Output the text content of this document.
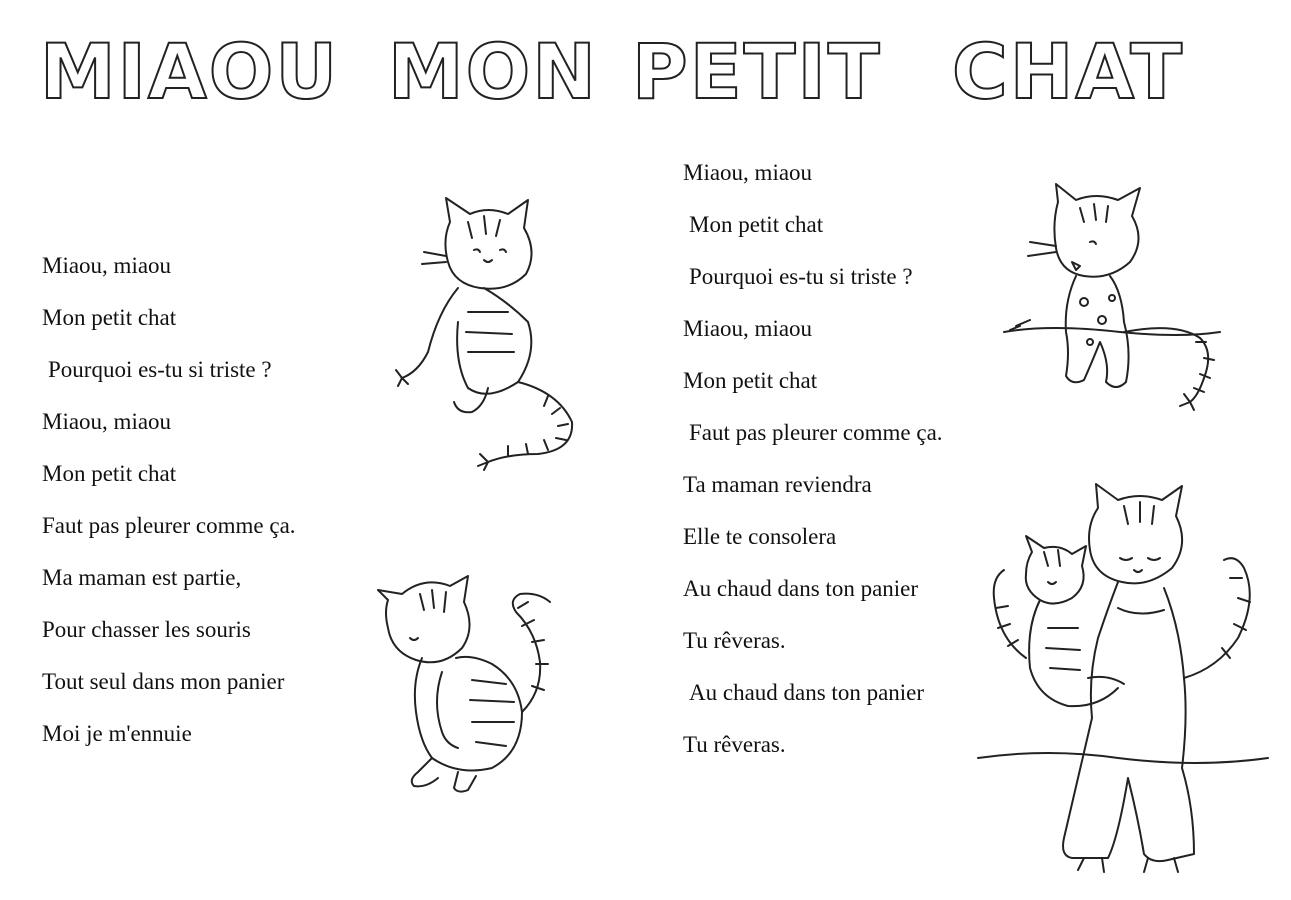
MIAOU MON PETIT CHAT
Miaou, miaou
Mon petit chat
Pourquoi es-tu si triste ?
Miaou, miaou
Mon petit chat
Faut pas pleurer comme ça.
Ma maman est partie,
Pour chasser les souris
Tout seul dans mon panier
Moi je m'ennuie
Miaou, miaou
Mon petit chat
Pourquoi es-tu si triste ?
Miaou, miaou
Mon petit chat
Faut pas pleurer comme ça.
Ta maman reviendra
Elle te consolera
Au chaud dans ton panier
Tu rêveras.
Au chaud dans ton panier
Tu rêveras.
